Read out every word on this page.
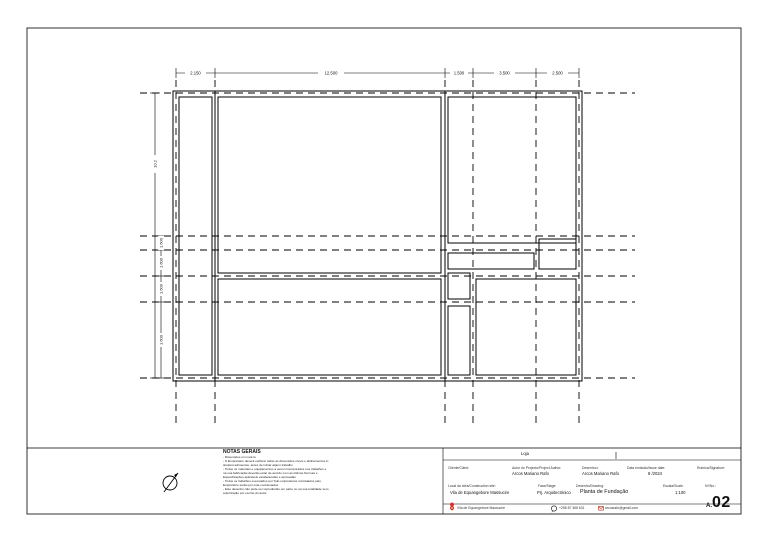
2.150	12.500	1.500	3.500	2.500
10.2
1.600
1.600
1.600
1.600
NOTAS GERAIS
- Dimensões em metros
- O Empreiteiro deverá verificar todas as dimensões,níveis e alinhamentos in
situ/procedimentos, antes de iniciar algum trabalho
- Todos os materiais e equipamentos a serem incorporados nos trabalhos e
na sua fabricação deverão estar de acordo com as últimas Normas e
Especificações aplicáveis estabelecidas e aprovadas
- Todos os trabalhos executados por Sub-empreiteiros contratados pelo
Empreiteiro serão por este coordenados
- Este desenho não pode ser reproduzido em parte ou na sua totalidade sem
autorização por escrito do autor.
Loja
Cliente/Client:	Autor do Projecto/Project Author:
Arcos Mariano Rafo
Desenhou:
Arcos Mariano Rafo
Data emissão/Issue date:
8 /2024
Rubrica/Signature:
Local da obra/Construction site:
Vila de Equangebore Massucire
Fase/Stage:
Prj. Arquitectónico
Desenho/Drawing:
Planta de Fundação
Escala/Scale:
1:100
Nº/No.:
A.02
Vila de Equangebore Massucire	+258 87 368 631	arcosrafo@gmail.com
